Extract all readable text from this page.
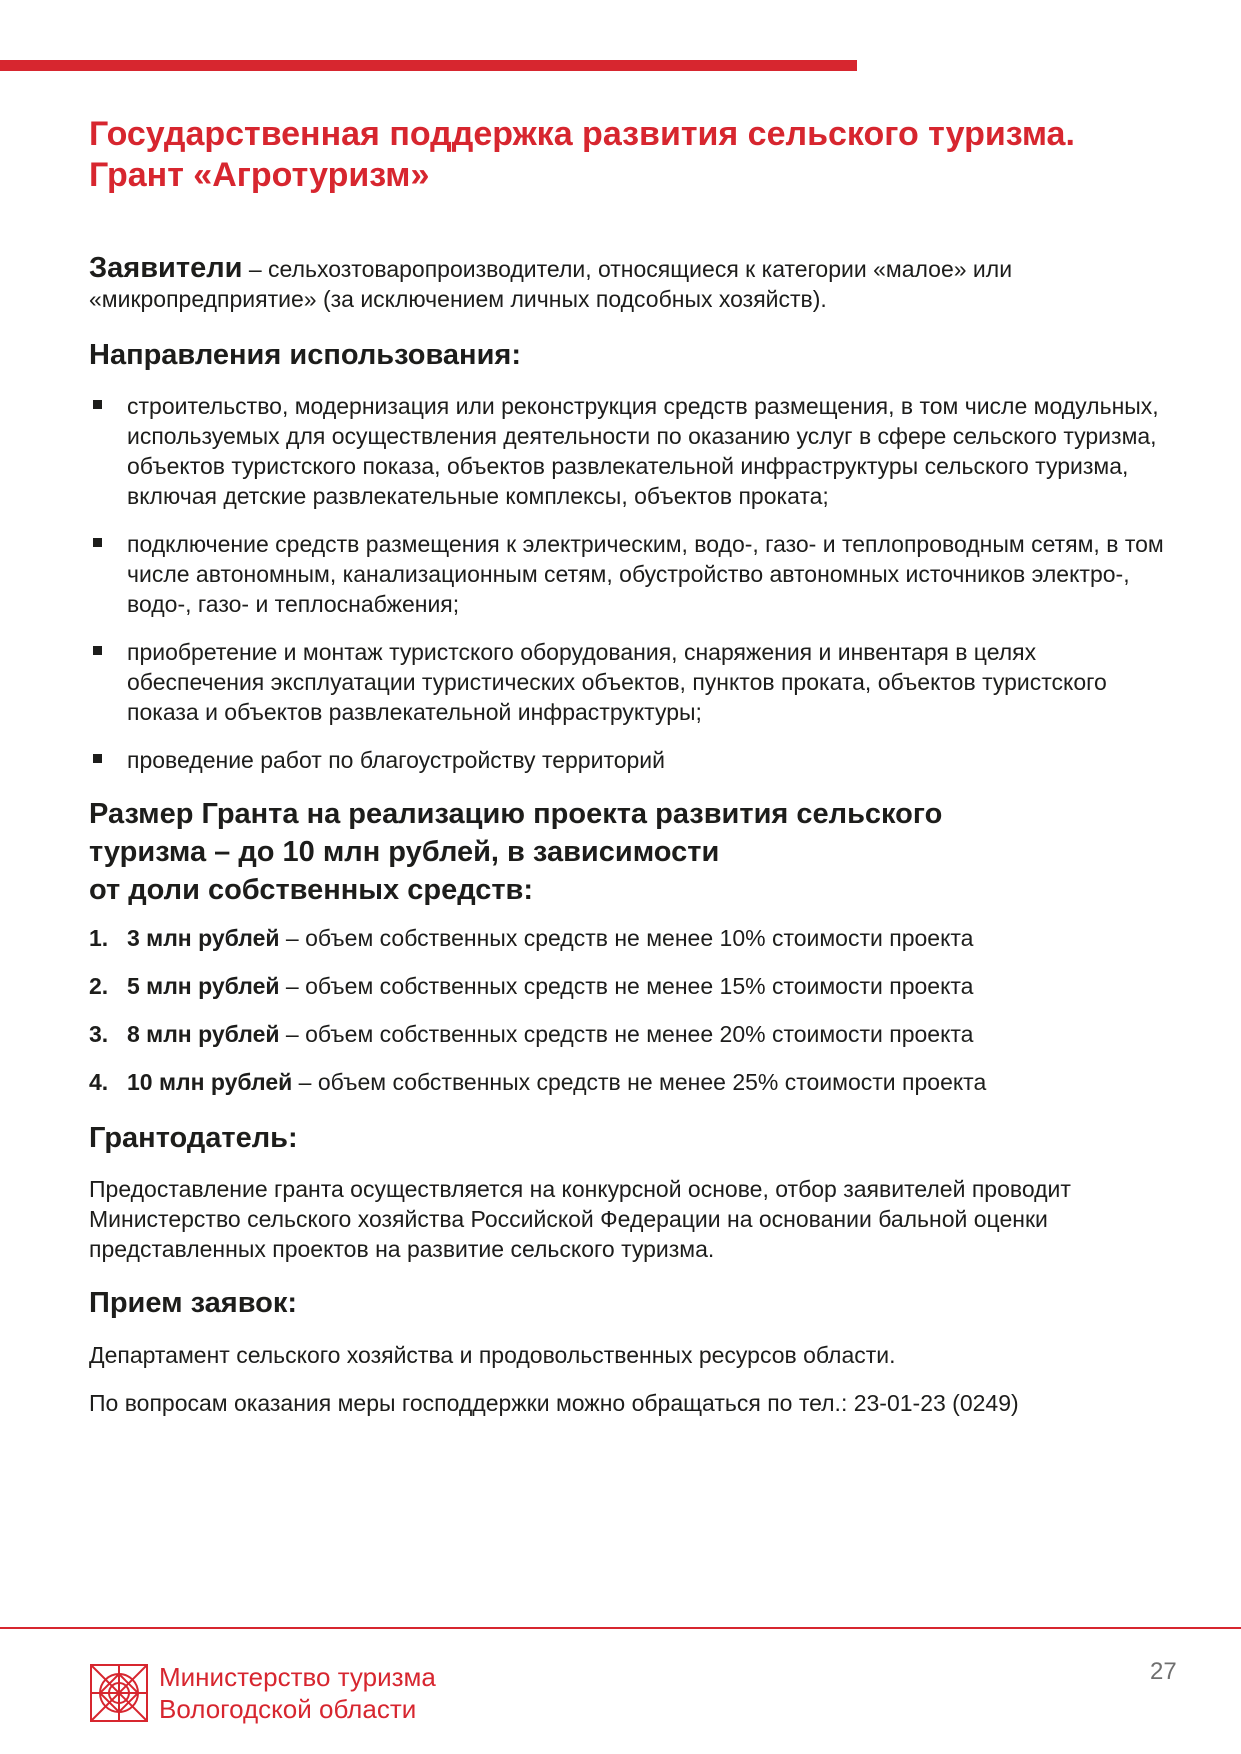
Государственная поддержка развития сельского туризма. Грант «Агротуризм»

Заявители – сельхозтоваропроизводители, относящиеся к категории «малое» или «микропредприятие» (за исключением личных подсобных хозяйств).

Направления использования:
строительство, модернизация или реконструкция средств размещения, в том числе модульных, используемых для осуществления деятельности по оказанию услуг в сфере сельского туризма, объектов туристского показа, объектов развлекательной инфраструктуры сельского туризма, включая детские развлекательные комплексы, объектов проката;
подключение средств размещения к электрическим, водо-, газо- и теплопроводным сетям, в том числе автономным, канализационным сетям, обустройство автономных источников электро-, водо-, газо- и теплоснабжения;
приобретение и монтаж туристского оборудования, снаряжения и инвентаря в целях обеспечения эксплуатации туристических объектов, пунктов проката, объектов туристского показа и объектов развлекательной инфраструктуры;
проведение работ по благоустройству территорий
Размер Гранта на реализацию проекта развития сельского
туризма – до 10 млн рублей, в зависимости
от доли собственных средств:
1. 3 млн рублей – объем собственных средств не менее 10% стоимости проекта
2. 5 млн рублей – объем собственных средств не менее 15% стоимости проекта
3. 8 млн рублей – объем собственных средств не менее 20% стоимости проекта
4. 10 млн рублей – объем собственных средств не менее 25% стоимости проекта
Грантодатель:

Предоставление гранта осуществляется на конкурсной основе, отбор заявителей проводит Министерство сельского хозяйства Российской Федерации на основании бальной оценки представленных проектов на развитие сельского туризма.

Прием заявок:

Департамент сельского хозяйства и продовольственных ресурсов области.

По вопросам оказания меры господдержки можно обращаться по тел.: 23-01-23 (0249)

Министерство туризма
Вологодской области
27
